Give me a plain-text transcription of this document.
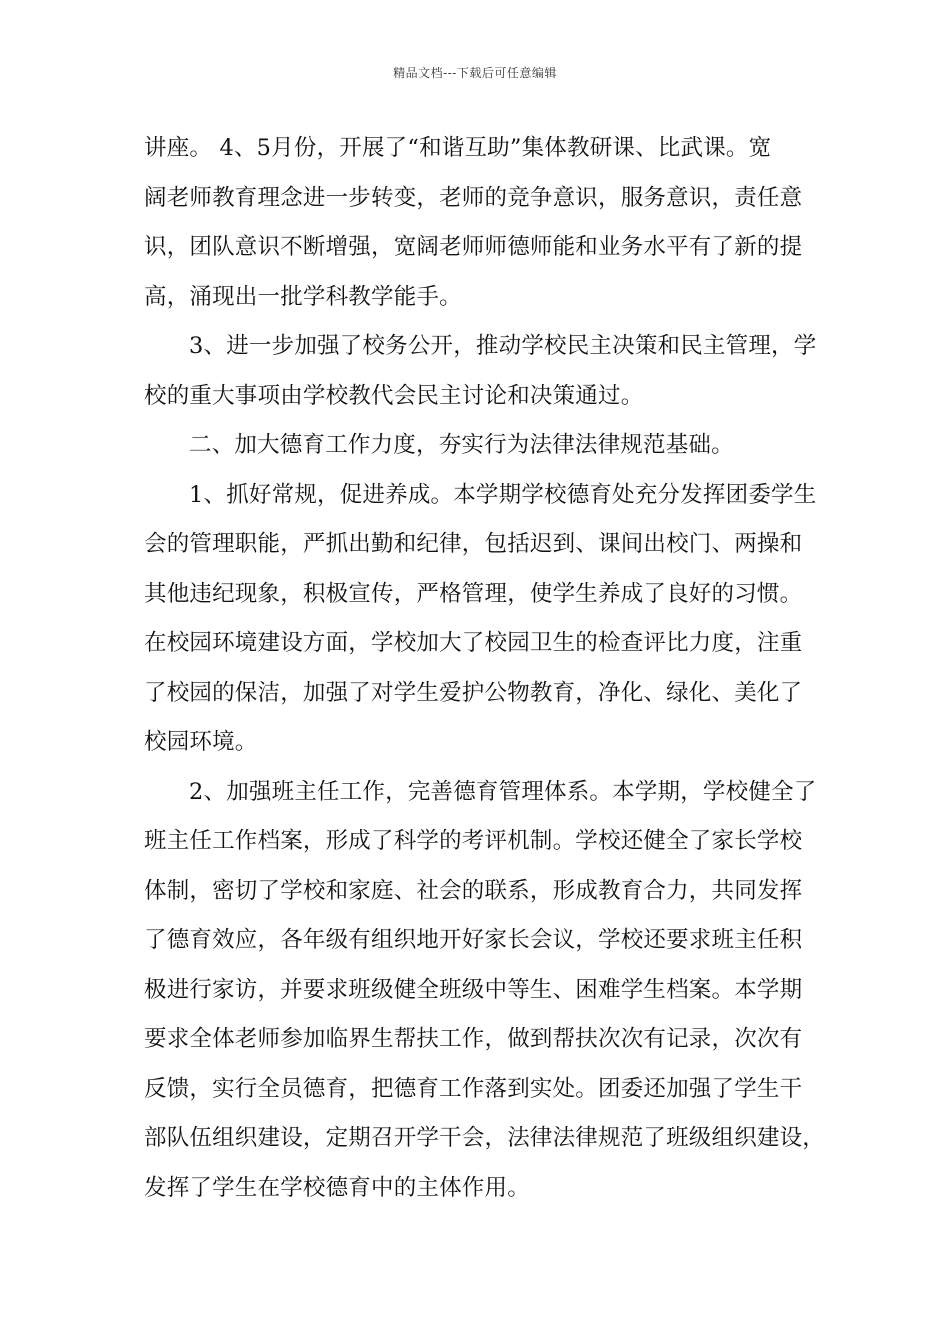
精品文档---下载后可任意编辑
讲座。 4、5月份，开展了“和谐互助”集体教研课、比武课。宽
阔老师教育理念进一步转变，老师的竞争意识，服务意识，责任意
识，团队意识不断增强，宽阔老师师德师能和业务水平有了新的提
高，涌现出一批学科教学能手。
3、进一步加强了校务公开，推动学校民主决策和民主管理，学
校的重大事项由学校教代会民主讨论和决策通过。
二、加大德育工作力度，夯实行为法律法律规范基础。
1、抓好常规，促进养成。本学期学校德育处充分发挥团委学生
会的管理职能，严抓出勤和纪律，包括迟到、课间出校门、两操和
其他违纪现象，积极宣传，严格管理，使学生养成了良好的习惯。
在校园环境建设方面，学校加大了校园卫生的检查评比力度，注重
了校园的保洁，加强了对学生爱护公物教育，净化、绿化、美化了
校园环境。
2、加强班主任工作，完善德育管理体系。本学期，学校健全了
班主任工作档案，形成了科学的考评机制。学校还健全了家长学校
体制，密切了学校和家庭、社会的联系，形成教育合力，共同发挥
了德育效应，各年级有组织地开好家长会议，学校还要求班主任积
极进行家访，并要求班级健全班级中等生、困难学生档案。本学期
要求全体老师参加临界生帮扶工作，做到帮扶次次有记录，次次有
反馈，实行全员德育，把德育工作落到实处。团委还加强了学生干
部队伍组织建设，定期召开学干会，法律法律规范了班级组织建设，
发挥了学生在学校德育中的主体作用。
